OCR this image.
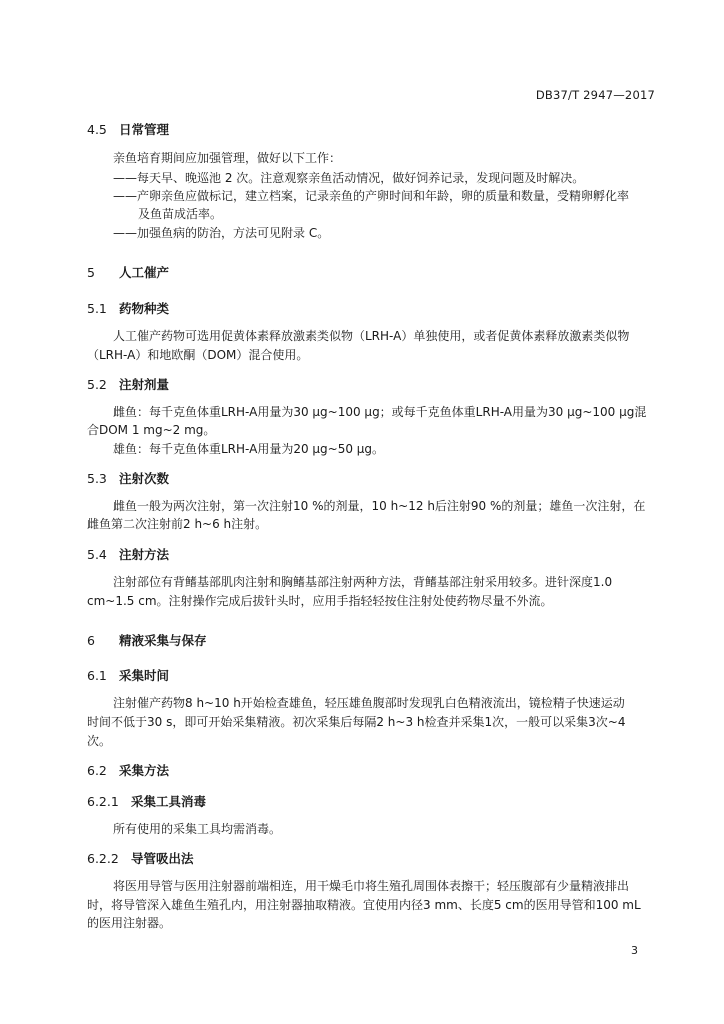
DB37/T 2947—2017
4.5 日常管理
亲鱼培育期间应加强管理，做好以下工作：
——每天早、晚巡池 2 次。注意观察亲鱼活动情况，做好饲养记录，发现问题及时解决。
——产卵亲鱼应做标记，建立档案，记录亲鱼的产卵时间和年龄，卵的质量和数量，受精卵孵化率
及鱼苗成活率。
——加强鱼病的防治，方法可见附录 C。
5 人工催产
5.1 药物种类
人工催产药物可选用促黄体素释放激素类似物（LRH-A）单独使用，或者促黄体素释放激素类似物
（LRH-A）和地欧酮（DOM）混合使用。
5.2 注射剂量
雌鱼：每千克鱼体重LRH-A用量为30 μg~100 μg；或每千克鱼体重LRH-A用量为30 μg~100 μg混
合DOM 1 mg~2 mg。
雄鱼：每千克鱼体重LRH-A用量为20 μg~50 μg。
5.3 注射次数
雌鱼一般为两次注射，第一次注射10 %的剂量，10 h~12 h后注射90 %的剂量；雄鱼一次注射，在
雌鱼第二次注射前2 h~6 h注射。
5.4 注射方法
注射部位有背鳍基部肌肉注射和胸鳍基部注射两种方法，背鳍基部注射采用较多。进针深度1.0
cm~1.5 cm。注射操作完成后拔针头时，应用手指轻轻按住注射处使药物尽量不外流。
6 精液采集与保存
6.1 采集时间
注射催产药物8 h~10 h开始检查雄鱼，轻压雄鱼腹部时发现乳白色精液流出，镜检精子快速运动
时间不低于30 s，即可开始采集精液。初次采集后每隔2 h~3 h检查并采集1次，一般可以采集3次~4
次。
6.2 采集方法
6.2.1 采集工具消毒
所有使用的采集工具均需消毒。
6.2.2 导管吸出法
将医用导管与医用注射器前端相连，用干燥毛巾将生殖孔周围体表擦干；轻压腹部有少量精液排出
时，将导管深入雄鱼生殖孔内，用注射器抽取精液。宜使用内径3 mm、长度5 cm的医用导管和100 mL
的医用注射器。
3
